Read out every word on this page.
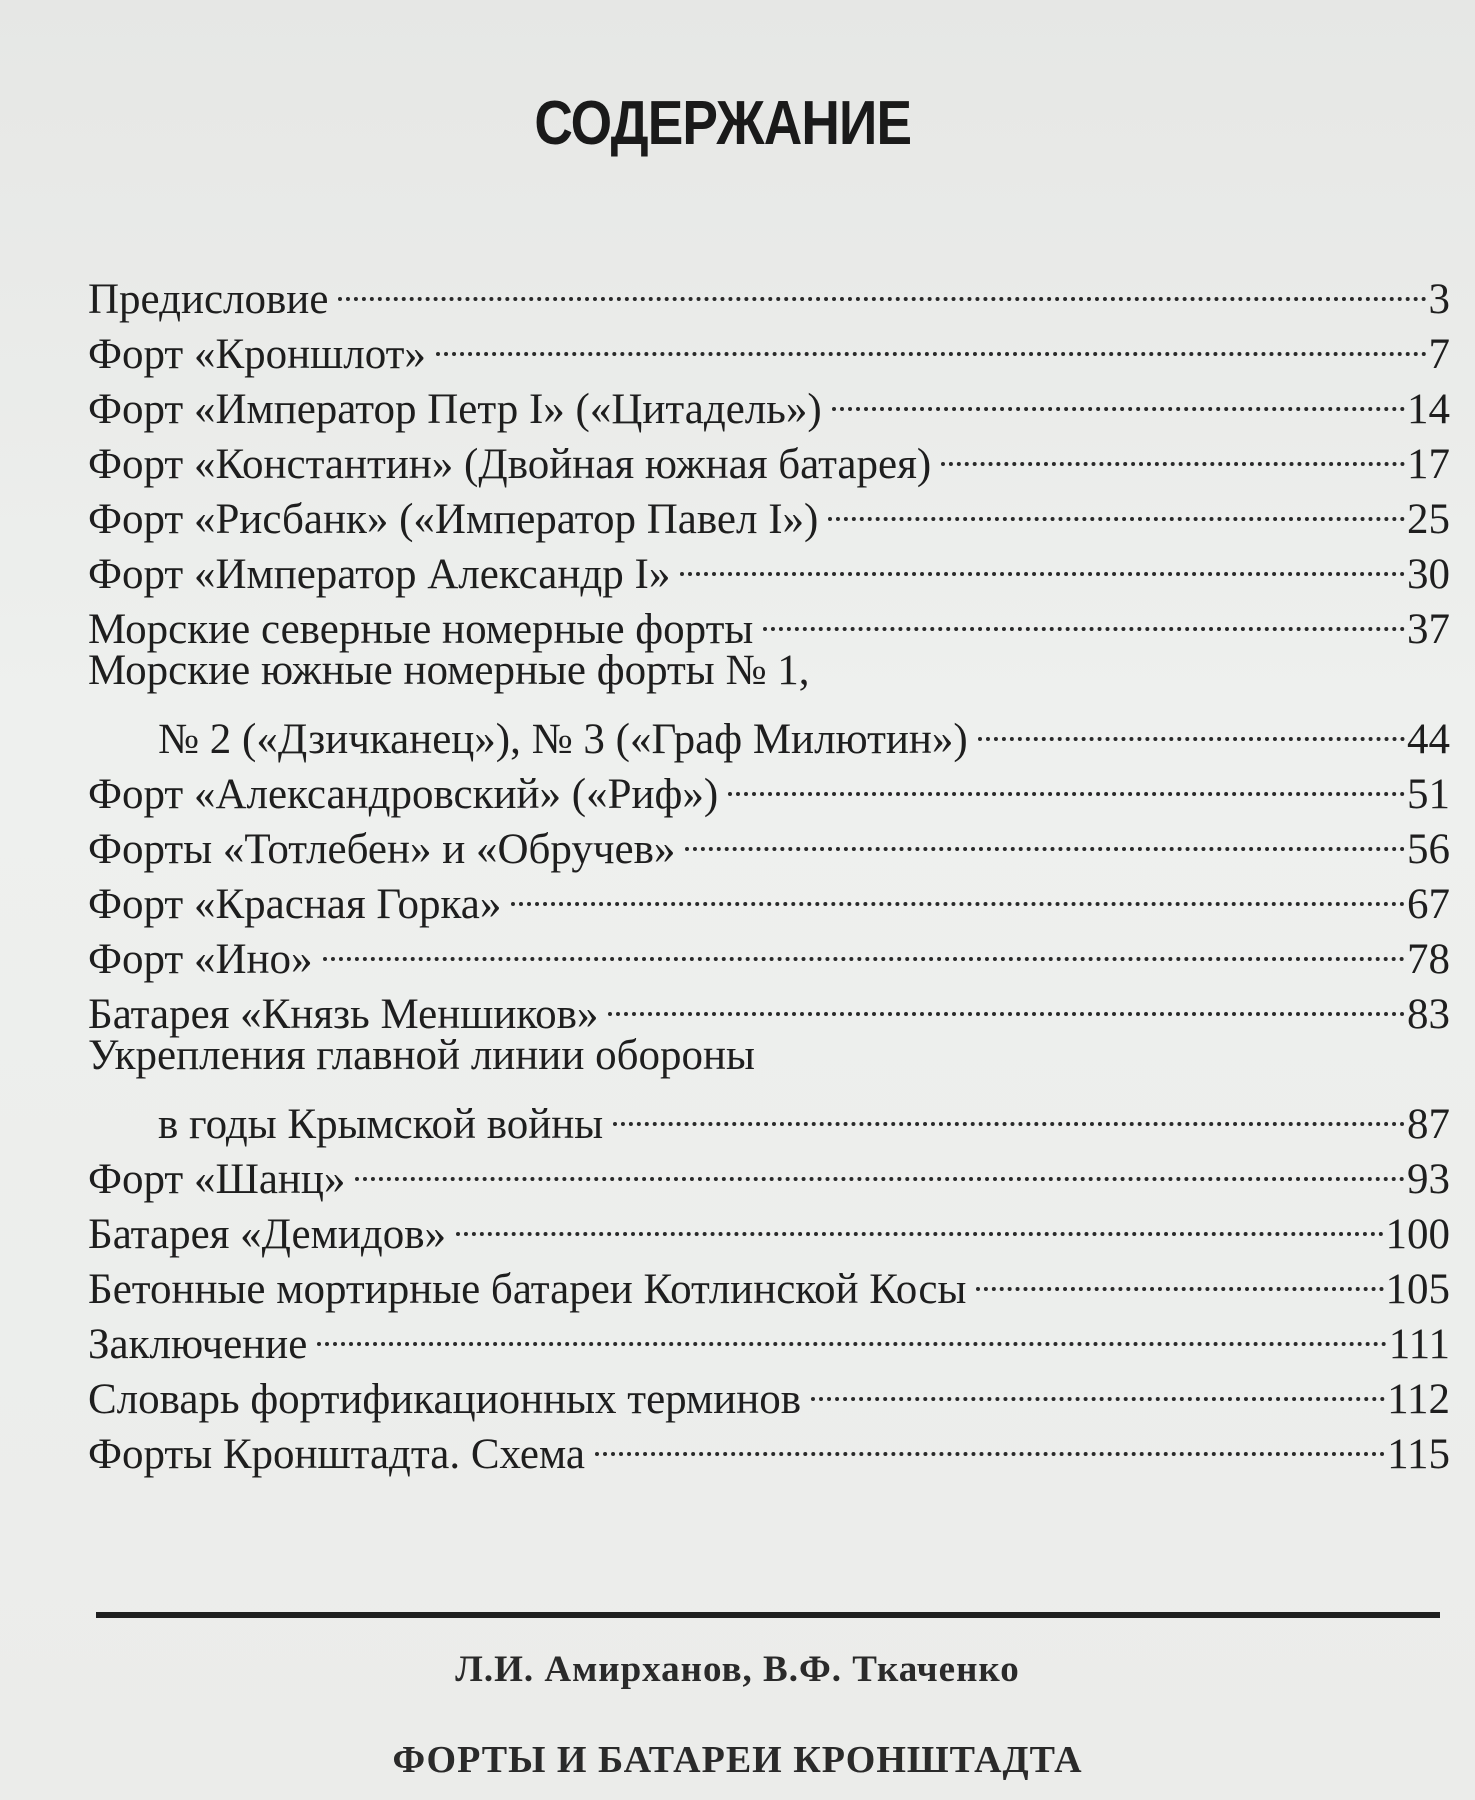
СОДЕРЖАНИЕ
Предисловие	3
Форт «Кроншлот»	7
Форт «Император Петр I» («Цитадель»)	14
Форт «Константин» (Двойная южная батарея)	17
Форт «Рисбанк» («Император Павел I»)	25
Форт «Император Александр I»	30
Морские северные номерные форты	37
Морские южные номерные форты № 1,
№ 2 («Дзичканец»), № 3 («Граф Милютин»)	44
Форт «Александровский» («Риф»)	51
Форты «Тотлебен» и «Обручев»	56
Форт «Красная Горка»	67
Форт «Ино»	78
Батарея «Князь Меншиков»	83
Укрепления главной линии обороны
в годы Крымской войны	87
Форт «Шанц»	93
Батарея «Демидов»	100
Бетонные мортирные батареи Котлинской Косы	105
Заключение	111
Словарь фортификационных терминов	112
Форты Кронштадта. Схема	115
Л.И. Амирханов, В.Ф. Ткаченко
ФОРТЫ И БАТАРЕИ КРОНШТАДТА
